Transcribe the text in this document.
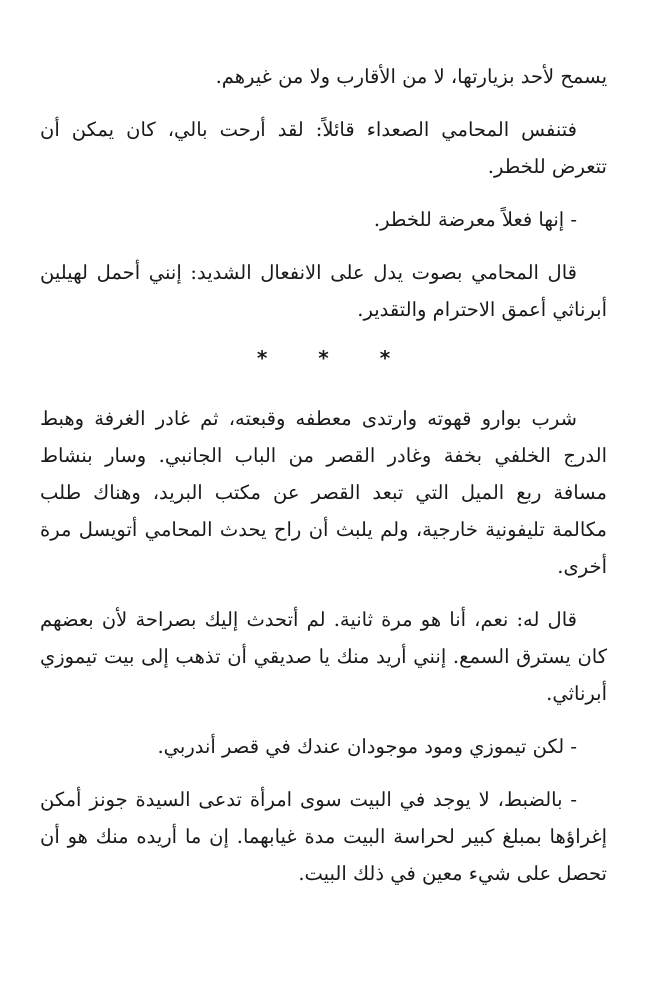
يسمح لأحد بزيارتها، لا من الأقارب ولا من غيرهم.

فتنفس المحامي الصعداء قائلاً: لقد أرحت بالي، كان يمكن أن تتعرض للخطر.

- إنها فعلاً معرضة للخطر.

قال المحامي بصوت يدل على الانفعال الشديد: إنني أحمل لهيلين أبرناثي أعمق الاحترام والتقدير.

* * *

شرب بوارو قهوته وارتدى معطفه وقبعته، ثم غادر الغرفة وهبط الدرج الخلفي بخفة وغادر القصر من الباب الجانبي. وسار بنشاط مسافة ربع الميل التي تبعد القصر عن مكتب البريد، وهناك طلب مكالمة تليفونية خارجية، ولم يلبث أن راح يحدث المحامي أتويسل مرة أخرى.

قال له: نعم، أنا هو مرة ثانية. لم أتحدث إليك بصراحة لأن بعضهم كان يسترق السمع. إنني أريد منك يا صديقي أن تذهب إلى بيت تيموزي أبرناثي.

- لكن تيموزي ومود موجودان عندك في قصر أندربي.

- بالضبط، لا يوجد في البيت سوى امرأة تدعى السيدة جونز أمكن إغراؤها بمبلغ كبير لحراسة البيت مدة غيابهما. إن ما أريده منك هو أن تحصل على شيء معين في ذلك البيت.
